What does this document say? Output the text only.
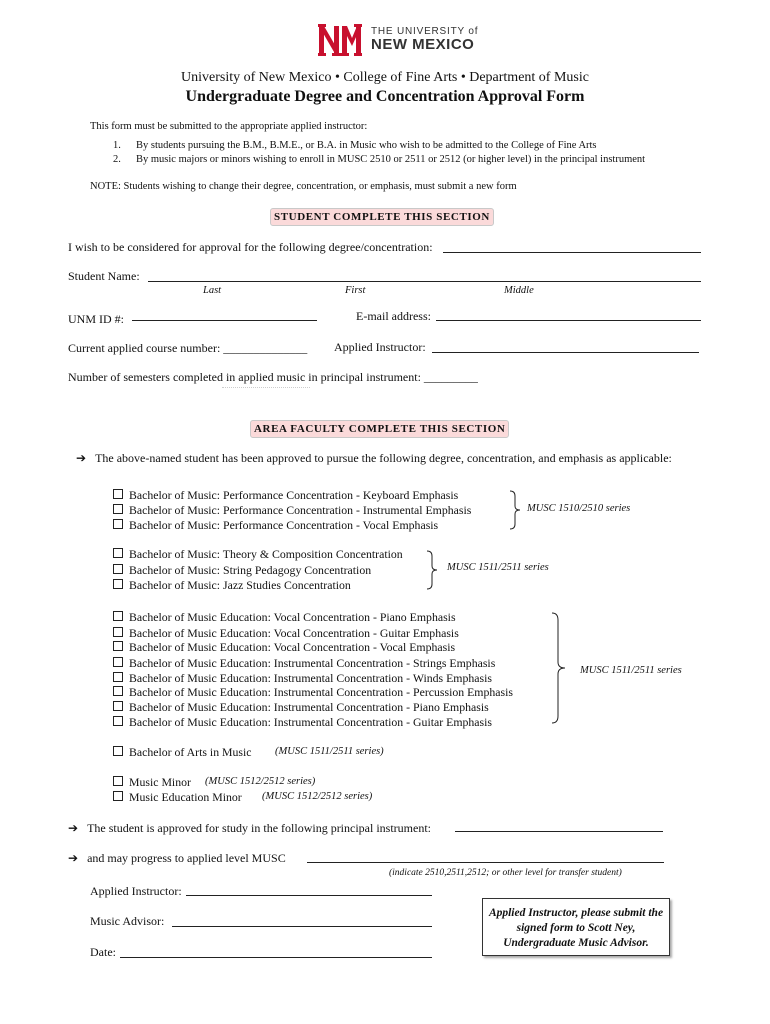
THE UNIVERSITY of
NEW MEXICO
University of New Mexico • College of Fine Arts • Department of Music
Undergraduate Degree and Concentration Approval Form
This form must be submitted to the appropriate applied instructor:
1. By students pursuing the B.M., B.M.E., or B.A. in Music who wish to be admitted to the College of Fine Arts
2. By music majors or minors wishing to enroll in MUSC 2510 or 2511 or 2512 (or higher level) in the principal instrument
NOTE: Students wishing to change their degree, concentration, or emphasis, must submit a new form
STUDENT COMPLETE THIS SECTION
I wish to be considered for approval for the following degree/concentration:
Student Name:
Last	First	Middle
UNM ID #:	E-mail address:
Current applied course number: ______________ Applied Instructor:
Number of semesters completed in applied music in principal instrument: _________
AREA FACULTY COMPLETE THIS SECTION
➔ The above-named student has been approved to pursue the following degree, concentration, and emphasis as applicable:
Bachelor of Music: Performance Concentration - Keyboard Emphasis
Bachelor of Music: Performance Concentration - Instrumental Emphasis
Bachelor of Music: Performance Concentration - Vocal Emphasis
MUSC 1510/2510 series
Bachelor of Music: Theory & Composition Concentration
Bachelor of Music: String Pedagogy Concentration
Bachelor of Music: Jazz Studies Concentration
MUSC 1511/2511 series
Bachelor of Music Education: Vocal Concentration - Piano Emphasis
Bachelor of Music Education: Vocal Concentration - Guitar Emphasis
Bachelor of Music Education: Vocal Concentration - Vocal Emphasis
Bachelor of Music Education: Instrumental Concentration - Strings Emphasis
Bachelor of Music Education: Instrumental Concentration - Winds Emphasis
Bachelor of Music Education: Instrumental Concentration - Percussion Emphasis
Bachelor of Music Education: Instrumental Concentration - Piano Emphasis
Bachelor of Music Education: Instrumental Concentration - Guitar Emphasis
MUSC 1511/2511 series
Bachelor of Arts in Music (MUSC 1511/2511 series)
Music Minor (MUSC 1512/2512 series)
Music Education Minor (MUSC 1512/2512 series)
➔ The student is approved for study in the following principal instrument:
➔ and may progress to applied level MUSC
(indicate 2510,2511,2512; or other level for transfer student)
Applied Instructor:
Music Advisor:
Date:
Applied Instructor, please submit the
signed form to Scott Ney,
Undergraduate Music Advisor.
